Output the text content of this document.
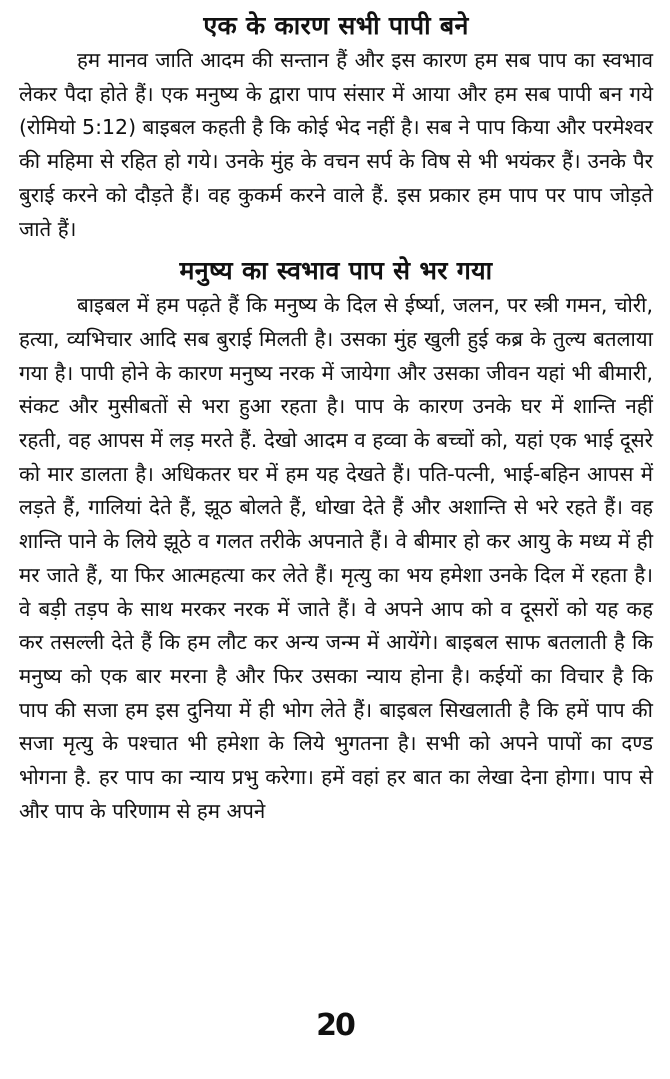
एक के कारण सभी पापी बने

हम मानव जाति आदम की सन्तान हैं और इस कारण हम सब पाप का स्वभाव लेकर पैदा होते हैं। एक मनुष्य के द्वारा पाप संसार में आया और हम सब पापी बन गये (रोमियो 5:12) बाइबल कहती है कि कोई भेद नहीं है। सब ने पाप किया और परमेश्वर की महिमा से रहित हो गये। उनके मुंह के वचन सर्प के विष से भी भयंकर हैं। उनके पैर बुराई करने को दौड़ते हैं। वह कुकर्म करने वाले हैं. इस प्रकार हम पाप पर पाप जोड़ते जाते हैं।

मनुष्य का स्वभाव पाप से भर गया

बाइबल में हम पढ़ते हैं कि मनुष्य के दिल से ईर्ष्या, जलन, पर स्त्री गमन, चोरी, हत्या, व्यभिचार आदि सब बुराई मिलती है। उसका मुंह खुली हुई कब्र के तुल्य बतलाया गया है। पापी होने के कारण मनुष्य नरक में जायेगा और उसका जीवन यहां भी बीमारी, संकट और मुसीबतों से भरा हुआ रहता है। पाप के कारण उनके घर में शान्ति नहीं रहती, वह आपस में लड़ मरते हैं. देखो आदम व हव्वा के बच्चों को, यहां एक भाई दूसरे को मार डालता है। अधिकतर घर में हम यह देखते हैं। पति-पत्नी, भाई-बहिन आपस में लड़ते हैं, गालियां देते हैं, झूठ बोलते हैं, धोखा देते हैं और अशान्ति से भरे रहते हैं। वह शान्ति पाने के लिये झूठे व गलत तरीके अपनाते हैं। वे बीमार हो कर आयु के मध्य में ही मर जाते हैं, या फिर आत्महत्या कर लेते हैं। मृत्यु का भय हमेशा उनके दिल में रहता है। वे बड़ी तड़प के साथ मरकर नरक में जाते हैं। वे अपने आप को व दूसरों को यह कह कर तसल्ली देते हैं कि हम लौट कर अन्य जन्म में आयेंगे। बाइबल साफ बतलाती है कि मनुष्य को एक बार मरना है और फिर उसका न्याय होना है। कईयों का विचार है कि पाप की सजा हम इस दुनिया में ही भोग लेते हैं। बाइबल सिखलाती है कि हमें पाप की सजा मृत्यु के पश्चात भी हमेशा के लिये भुगतना है। सभी को अपने पापों का दण्ड भोगना है. हर पाप का न्याय प्रभु करेगा। हमें वहां हर बात का लेखा देना होगा। पाप से और पाप के परिणाम से हम अपने

20
